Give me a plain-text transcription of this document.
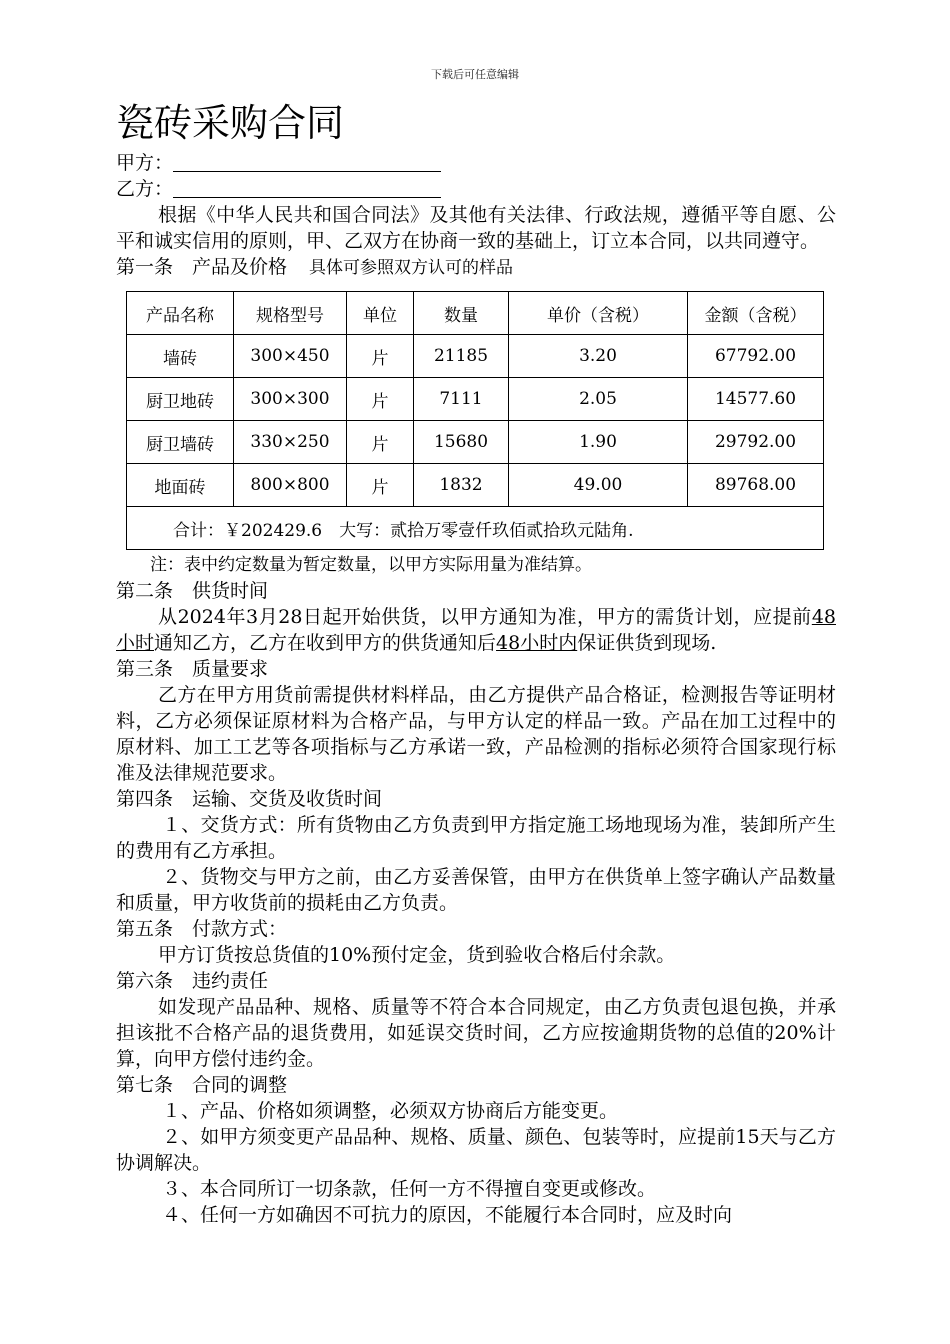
下载后可任意编辑
瓷砖采购合同
甲方：
乙方：
根据《中华人民共和国合同法》及其他有关法律、行政法规，遵循平等自愿、公平和诚实信用的原则，甲、乙双方在协商一致的基础上，订立本合同，以共同遵守。
第一条　产品及价格 具体可参照双方认可的样品
产品名称	规格型号	单位	数量	单价（含税）	金额（含税）
墙砖	300×450	片	21185	3.20	67792.00
厨卫地砖	300×300	片	7111	2.05	14577.60
厨卫墙砖	330×250	片	15680	1.90	29792.00
地面砖	800×800	片	1832	49.00	89768.00
合计：￥202429.6　大写：贰拾万零壹仟玖佰贰拾玖元陆角.					
注：表中约定数量为暂定数量，以甲方实际用量为准结算。
第二条　供货时间
从2024年3月28日起开始供货，以甲方通知为准，甲方的需货计划，应提前48小时通知乙方，乙方在收到甲方的供货通知后48小时内保证供货到现场.
第三条　质量要求
乙方在甲方用货前需提供材料样品，由乙方提供产品合格证，检测报告等证明材料，乙方必须保证原材料为合格产品，与甲方认定的样品一致。产品在加工过程中的原材料、加工工艺等各项指标与乙方承诺一致，产品检测的指标必须符合国家现行标准及法律规范要求。
第四条　运输、交货及收货时间
１、交货方式：所有货物由乙方负责到甲方指定施工场地现场为准，装卸所产生的费用有乙方承担。
２、货物交与甲方之前，由乙方妥善保管，由甲方在供货单上签字确认产品数量和质量，甲方收货前的损耗由乙方负责。
第五条　付款方式：
甲方订货按总货值的10%预付定金，货到验收合格后付余款。
第六条　违约责任
如发现产品品种、规格、质量等不符合本合同规定，由乙方负责包退包换，并承担该批不合格产品的退货费用，如延误交货时间，乙方应按逾期货物的总值的20%计算，向甲方偿付违约金。
第七条　合同的调整
１、产品、价格如须调整，必须双方协商后方能变更。
２、如甲方须变更产品品种、规格、质量、颜色、包装等时，应提前15天与乙方协调解决。
３、本合同所订一切条款，任何一方不得擅自变更或修改。
４、任何一方如确因不可抗力的原因，不能履行本合同时，应及时向
